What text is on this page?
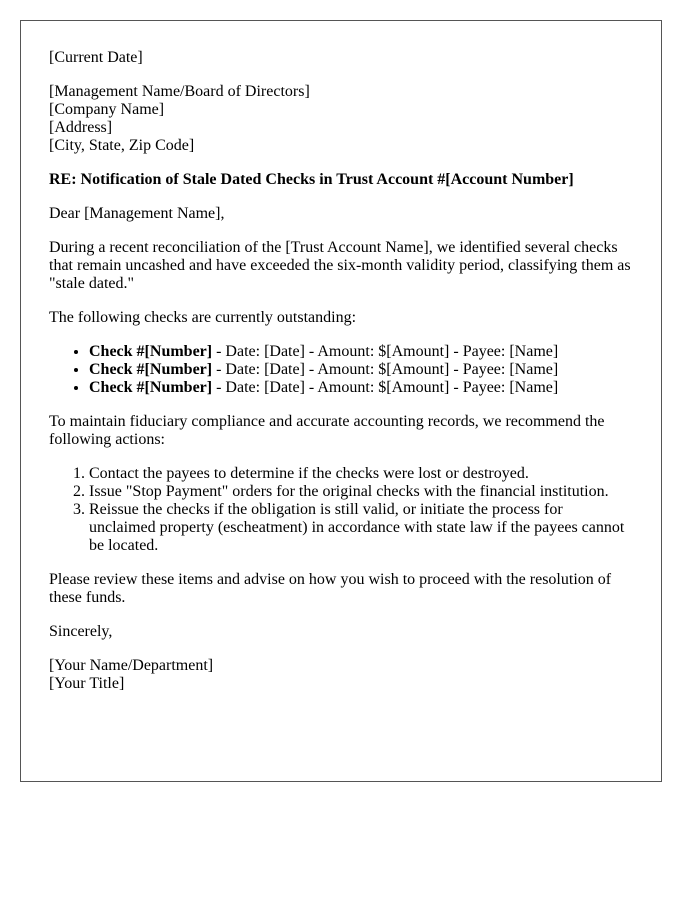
[Current Date]

[Management Name/Board of Directors]
[Company Name]
[Address]
[City, State, Zip Code]

RE: Notification of Stale Dated Checks in Trust Account #[Account Number]

Dear [Management Name],

During a recent reconciliation of the [Trust Account Name], we identified several checks that remain uncashed and have exceeded the six-month validity period, classifying them as "stale dated."

The following checks are currently outstanding:

• Check #[Number] - Date: [Date] - Amount: $[Amount] - Payee: [Name]
• Check #[Number] - Date: [Date] - Amount: $[Amount] - Payee: [Name]
• Check #[Number] - Date: [Date] - Amount: $[Amount] - Payee: [Name]

To maintain fiduciary compliance and accurate accounting records, we recommend the following actions:

1. Contact the payees to determine if the checks were lost or destroyed.
2. Issue "Stop Payment" orders for the original checks with the financial institution.
3. Reissue the checks if the obligation is still valid, or initiate the process for unclaimed property (escheatment) in accordance with state law if the payees cannot be located.

Please review these items and advise on how you wish to proceed with the resolution of these funds.

Sincerely,

[Your Name/Department]
[Your Title]
